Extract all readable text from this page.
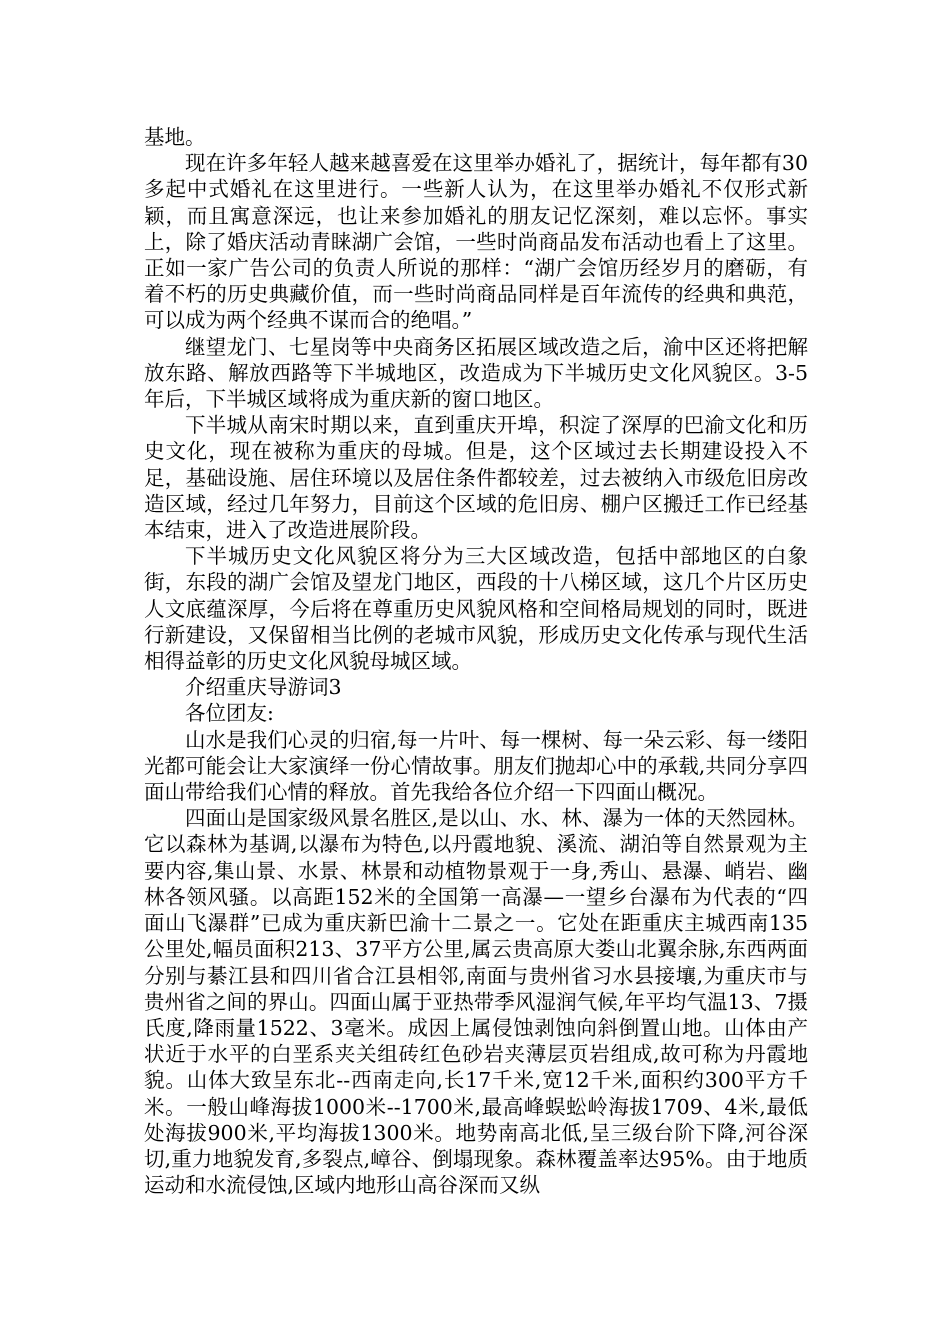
基地。

现在许多年轻人越来越喜爱在这里举办婚礼了，据统计，每年都有30多起中式婚礼在这里进行。一些新人认为，在这里举办婚礼不仅形式新颖，而且寓意深远，也让来参加婚礼的朋友记忆深刻，难以忘怀。事实上，除了婚庆活动青睐湖广会馆，一些时尚商品发布活动也看上了这里。正如一家广告公司的负责人所说的那样：“湖广会馆历经岁月的磨砺，有着不朽的历史典藏价值，而一些时尚商品同样是百年流传的经典和典范，可以成为两个经典不谋而合的绝唱。”

继望龙门、七星岗等中央商务区拓展区域改造之后，渝中区还将把解放东路、解放西路等下半城地区，改造成为下半城历史文化风貌区。3-5年后，下半城区域将成为重庆新的窗口地区。

下半城从南宋时期以来，直到重庆开埠，积淀了深厚的巴渝文化和历史文化，现在被称为重庆的母城。但是，这个区域过去长期建设投入不足，基础设施、居住环境以及居住条件都较差，过去被纳入市级危旧房改造区域，经过几年努力，目前这个区域的危旧房、棚户区搬迁工作已经基本结束，进入了改造进展阶段。

下半城历史文化风貌区将分为三大区域改造，包括中部地区的白象街，东段的湖广会馆及望龙门地区，西段的十八梯区域，这几个片区历史人文底蕴深厚，今后将在尊重历史风貌风格和空间格局规划的同时，既进行新建设，又保留相当比例的老城市风貌，形成历史文化传承与现代生活相得益彰的历史文化风貌母城区域。

介绍重庆导游词3

各位团友:

山水是我们心灵的归宿,每一片叶、每一棵树、每一朵云彩、每一缕阳光都可能会让大家演绎一份心情故事。朋友们抛却心中的承载,共同分享四面山带给我们心情的释放。首先我给各位介绍一下四面山概况。

四面山是国家级风景名胜区,是以山、水、林、瀑为一体的天然园林。它以森林为基调,以瀑布为特色,以丹霞地貌、溪流、湖泊等自然景观为主要内容,集山景、水景、林景和动植物景观于一身,秀山、悬瀑、峭岩、幽林各领风骚。以高距152米的全国第一高瀑—一望乡台瀑布为代表的“四面山飞瀑群”已成为重庆新巴渝十二景之一。它处在距重庆主城西南135公里处,幅员面积213、37平方公里,属云贵高原大娄山北翼余脉,东西两面分别与綦江县和四川省合江县相邻,南面与贵州省习水县接壤,为重庆市与贵州省之间的界山。四面山属于亚热带季风湿润气候,年平均气温13、7摄氏度,降雨量1522、3毫米。成因上属侵蚀剥蚀向斜倒置山地。山体由产状近于水平的白垩系夹关组砖红色砂岩夹薄层页岩组成,故可称为丹霞地貌。山体大致呈东北--西南走向,长17千米,宽12千米,面积约300平方千米。一般山峰海拔1000米--1700米,最高峰蜈蚣岭海拔1709、4米,最低处海拔900米,平均海拔1300米。地势南高北低,呈三级台阶下降,河谷深切,重力地貌发育,多裂点,嶂谷、倒塌现象。森林覆盖率达95%。由于地质运动和水流侵蚀,区域内地形山高谷深而又纵
